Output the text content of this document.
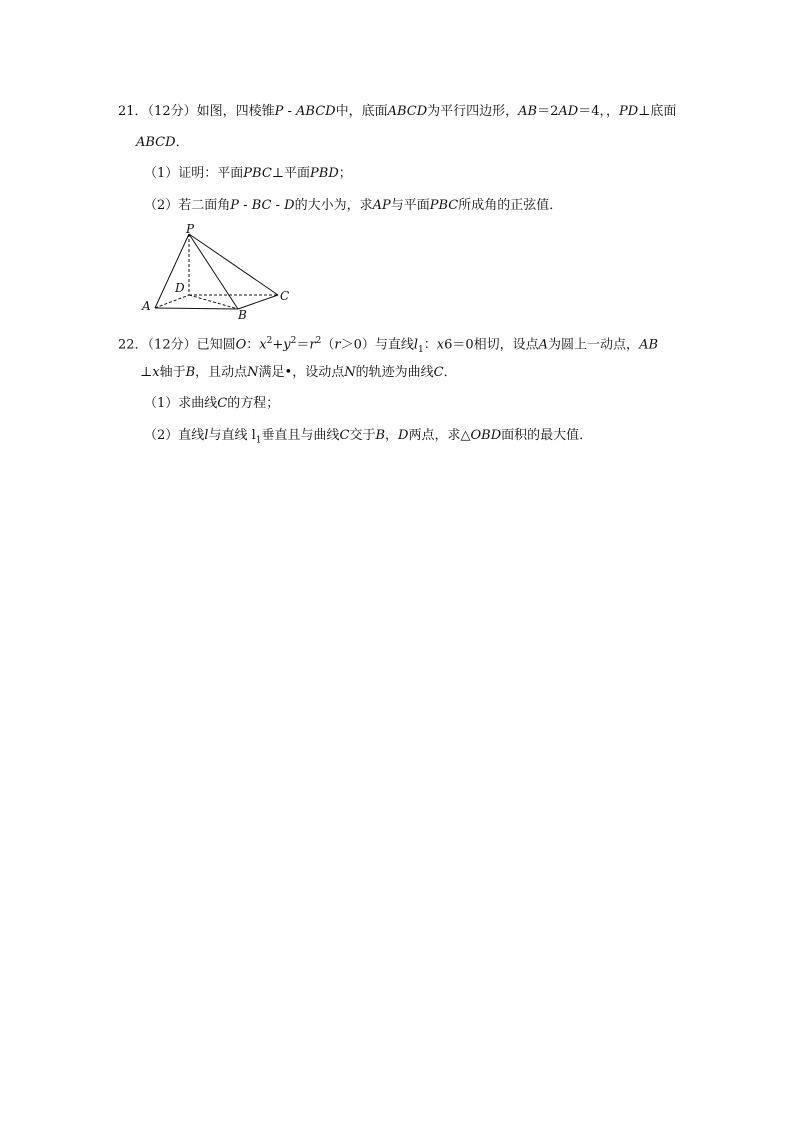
21．（12分）如图，四棱锥P - ABCD中，底面ABCD为平行四边形，AB＝2AD＝4，，PD⊥底面
ABCD．
（1）证明：平面PBC⊥平面PBD；
（2）若二面角P - BC - D的大小为，求AP与平面PBC所成角的正弦值．
P
D
A
B
C
22．（12分）已知圆O：$x^2+y^2=r^2(r>0)$与直线$l_1$：x6＝0相切，设点A为圆上一动点，AB
⊥x轴于B，且动点N满足•，设动点N的轨迹为曲线C．
（1）求曲线C的方程；
（2）直线l与直线 $l_1$垂直且与曲线C交于B，D两点，求△OBD面积的最大值．
